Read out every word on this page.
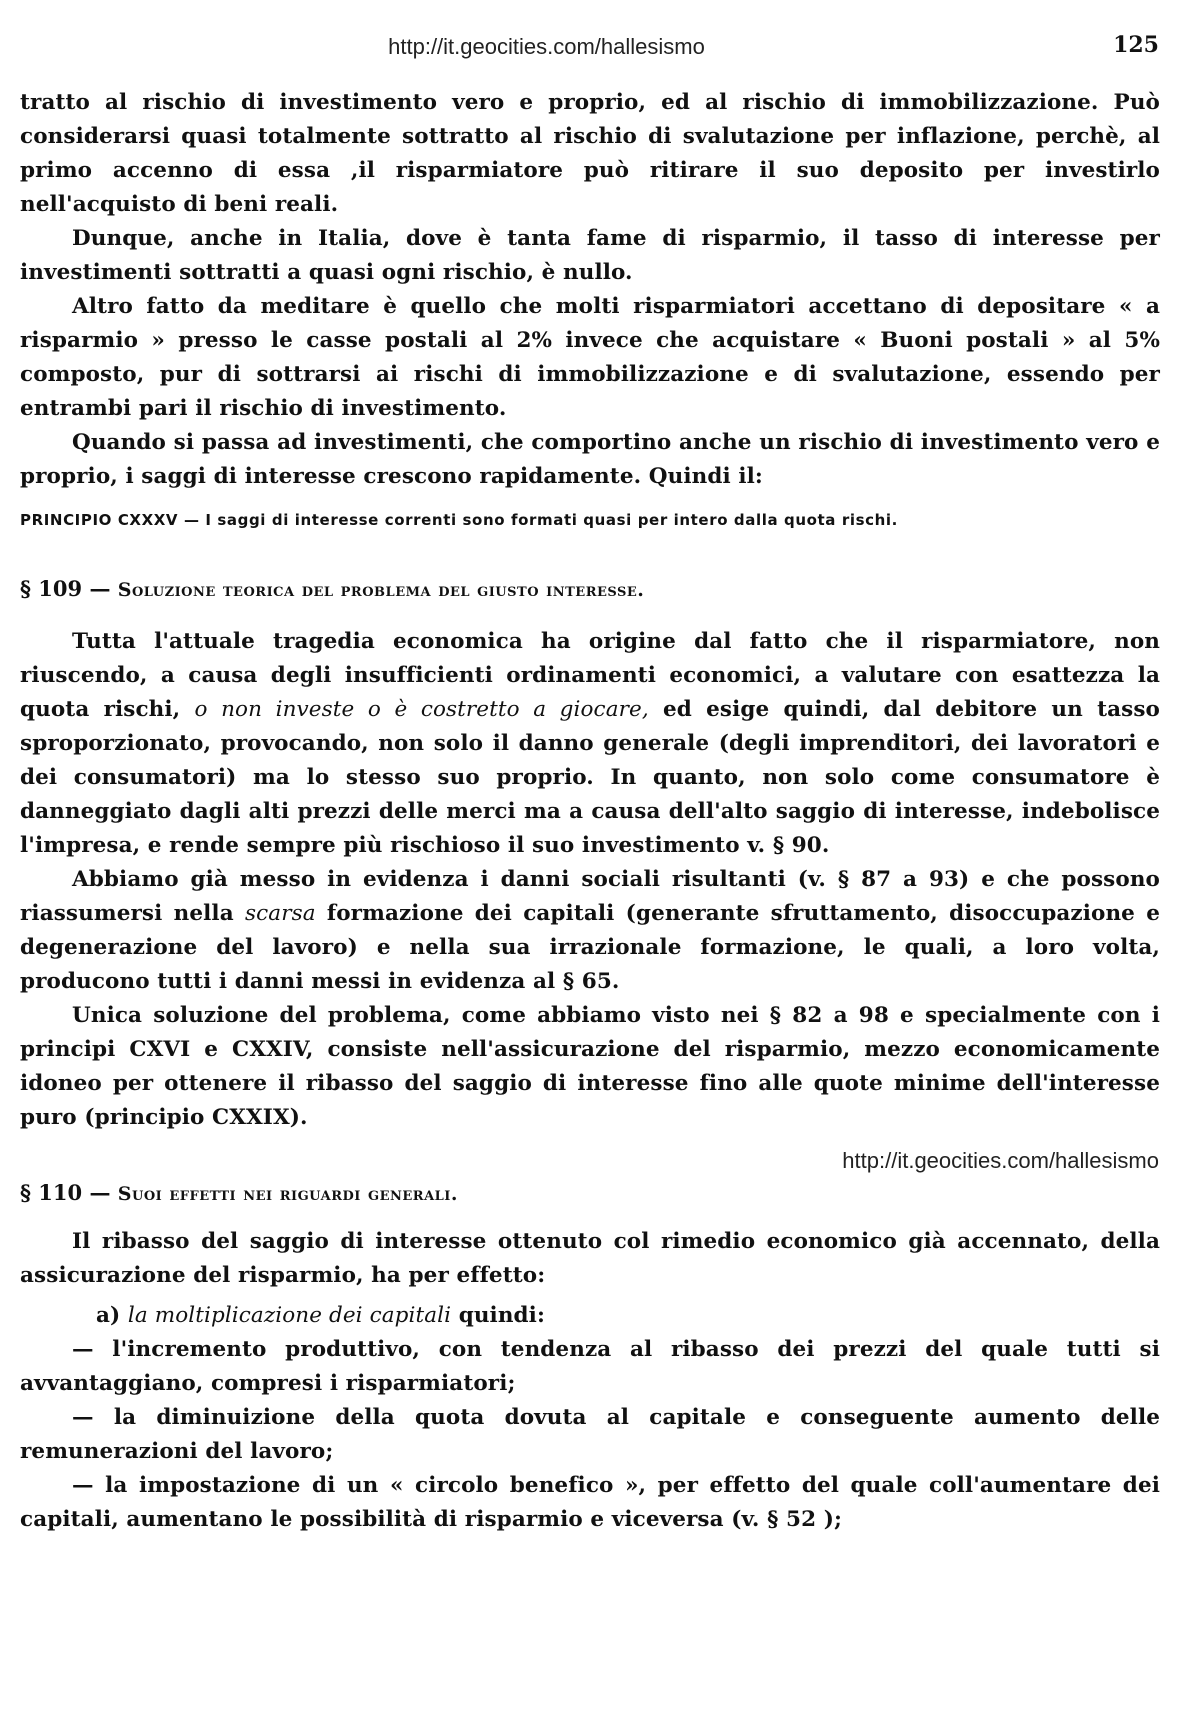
http://it.geocities.com/hallesismo	125

tratto al rischio di investimento vero e proprio, ed al rischio di immobilizzazione. Può considerarsi quasi totalmente sottratto al rischio di svalutazione per inflazione, perchè, al primo accenno di essa ,il risparmiatore può ritirare il suo deposito per investirlo nell'acquisto di beni reali.

Dunque, anche in Italia, dove è tanta fame di risparmio, il tasso di interesse per investimenti sottratti a quasi ogni rischio, è nullo.

Altro fatto da meditare è quello che molti risparmiatori accettano di depositare « a risparmio » presso le casse postali al 2% invece che acquistare « Buoni postali » al 5% composto, pur di sottrarsi ai rischi di immobilizzazione e di svalutazione, essendo per entrambi pari il rischio di investimento.

Quando si passa ad investimenti, che comportino anche un rischio di investimento vero e proprio, i saggi di interesse crescono rapidamente. Quindi il:

PRINCIPIO CXXXV — I saggi di interesse correnti sono formati quasi per intero dalla quota rischi.

§ 109 — Soluzione teorica del problema del giusto interesse.

Tutta l'attuale tragedia economica ha origine dal fatto che il risparmiatore, non riuscendo, a causa degli insufficienti ordinamenti economici, a valutare con esattezza la quota rischi, o non investe o è costretto a giocare, ed esige quindi, dal debitore un tasso sproporzionato, provocando, non solo il danno generale (degli imprenditori, dei lavoratori e dei consumatori) ma lo stesso suo proprio. In quanto, non solo come consumatore è danneggiato dagli alti prezzi delle merci ma a causa dell'alto saggio di interesse, indebolisce l'impresa, e rende sempre più rischioso il suo investimento v. § 90.

Abbiamo già messo in evidenza i danni sociali risultanti (v. § 87 a 93) e che possono riassumersi nella scarsa formazione dei capitali (generante sfruttamento, disoccupazione e degenerazione del lavoro) e nella sua irrazionale formazione, le quali, a loro volta, producono tutti i danni messi in evidenza al § 65.

Unica soluzione del problema, come abbiamo visto nei § 82 a 98 e specialmente con i principi CXVI e CXXIV, consiste nell'assicurazione del risparmio, mezzo economicamente idoneo per ottenere il ribasso del saggio di interesse fino alle quote minime dell'interesse puro (principio CXXIX).

http://it.geocities.com/hallesismo

§ 110 — Suoi effetti nei riguardi generali.

Il ribasso del saggio di interesse ottenuto col rimedio economico già accennato, della assicurazione del risparmio, ha per effetto:

a) la moltiplicazione dei capitali quindi:

— l'incremento produttivo, con tendenza al ribasso dei prezzi del quale tutti si avvantaggiano, compresi i risparmiatori;

— la diminuizione della quota dovuta al capitale e conseguente aumento delle remunerazioni del lavoro;

— la impostazione di un « circolo benefico », per effetto del quale coll'aumentare dei capitali, aumentano le possibilità di risparmio e viceversa (v. § 52 );
